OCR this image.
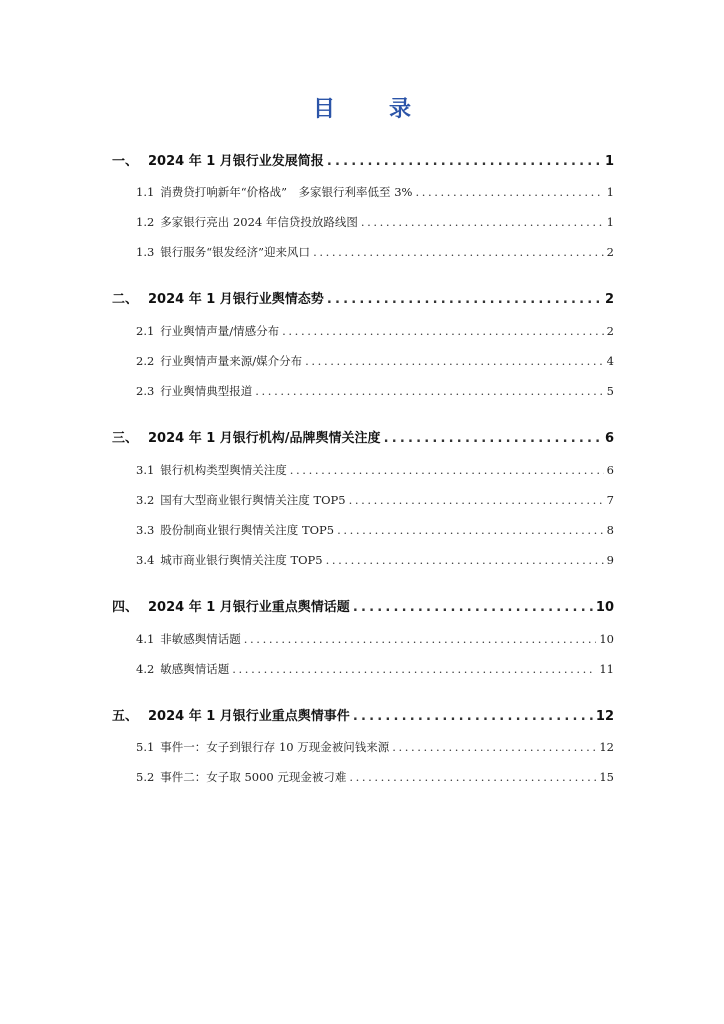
目　录
一、 2024 年 1 月银行业发展简报 .....	1
1.1 消费贷打响新年“价格战”　多家银行利率低至 3% .....	1
1.2 多家银行亮出 2024 年信贷投放路线图 .....	1
1.3 银行服务“银发经济”迎来风口 .....	2
二、 2024 年 1 月银行业舆情态势 .....	2
2.1 行业舆情声量/情感分布 .....	2
2.2 行业舆情声量来源/媒介分布 .....	4
2.3 行业舆情典型报道 .....	5
三、 2024 年 1 月银行机构/品牌舆情关注度 .....	6
3.1 银行机构类型舆情关注度 .....	6
3.2 国有大型商业银行舆情关注度 TOP5 .....	7
3.3 股份制商业银行舆情关注度 TOP5 .....	8
3.4 城市商业银行舆情关注度 TOP5 .....	9
四、 2024 年 1 月银行业重点舆情话题 .....	10
4.1 非敏感舆情话题 .....	10
4.2 敏感舆情话题 .....	11
五、 2024 年 1 月银行业重点舆情事件 .....	12
5.1 事件一：女子到银行存 10 万现金被问钱来源 .....	12
5.2 事件二：女子取 5000 元现金被刁难 .....	15
